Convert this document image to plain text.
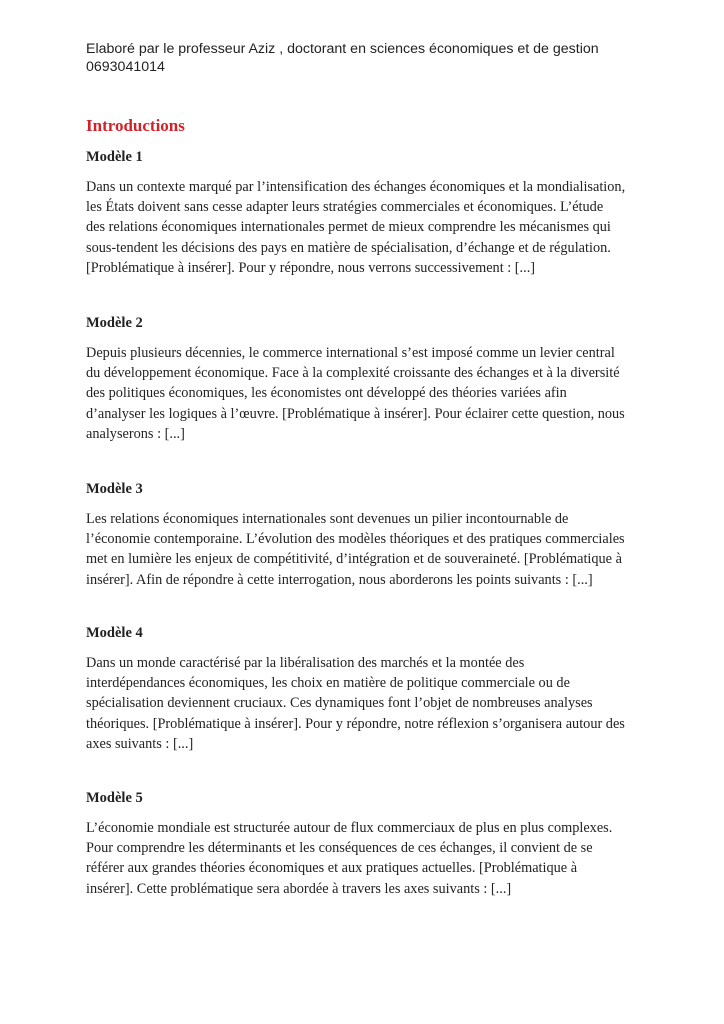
Elaboré par le professeur Aziz , doctorant en sciences économiques et de gestion
0693041014
Introductions
Modèle 1

Dans un contexte marqué par l’intensification des échanges économiques et la mondialisation,
les États doivent sans cesse adapter leurs stratégies commerciales et économiques. L’étude
des relations économiques internationales permet de mieux comprendre les mécanismes qui
sous-tendent les décisions des pays en matière de spécialisation, d’échange et de régulation.
[Problématique à insérer]. Pour y répondre, nous verrons successivement : [...]

Modèle 2

Depuis plusieurs décennies, le commerce international s’est imposé comme un levier central
du développement économique. Face à la complexité croissante des échanges et à la diversité
des politiques économiques, les économistes ont développé des théories variées afin
d’analyser les logiques à l’œuvre. [Problématique à insérer]. Pour éclairer cette question, nous
analyserons : [...]

Modèle 3

Les relations économiques internationales sont devenues un pilier incontournable de
l’économie contemporaine. L’évolution des modèles théoriques et des pratiques commerciales
met en lumière les enjeux de compétitivité, d’intégration et de souveraineté. [Problématique à
insérer]. Afin de répondre à cette interrogation, nous aborderons les points suivants : [...]

Modèle 4

Dans un monde caractérisé par la libéralisation des marchés et la montée des
interdépendances économiques, les choix en matière de politique commerciale ou de
spécialisation deviennent cruciaux. Ces dynamiques font l’objet de nombreuses analyses
théoriques. [Problématique à insérer]. Pour y répondre, notre réflexion s’organisera autour des
axes suivants : [...]

Modèle 5

L’économie mondiale est structurée autour de flux commerciaux de plus en plus complexes.
Pour comprendre les déterminants et les conséquences de ces échanges, il convient de se
référer aux grandes théories économiques et aux pratiques actuelles. [Problématique à
insérer]. Cette problématique sera abordée à travers les axes suivants : [...]
